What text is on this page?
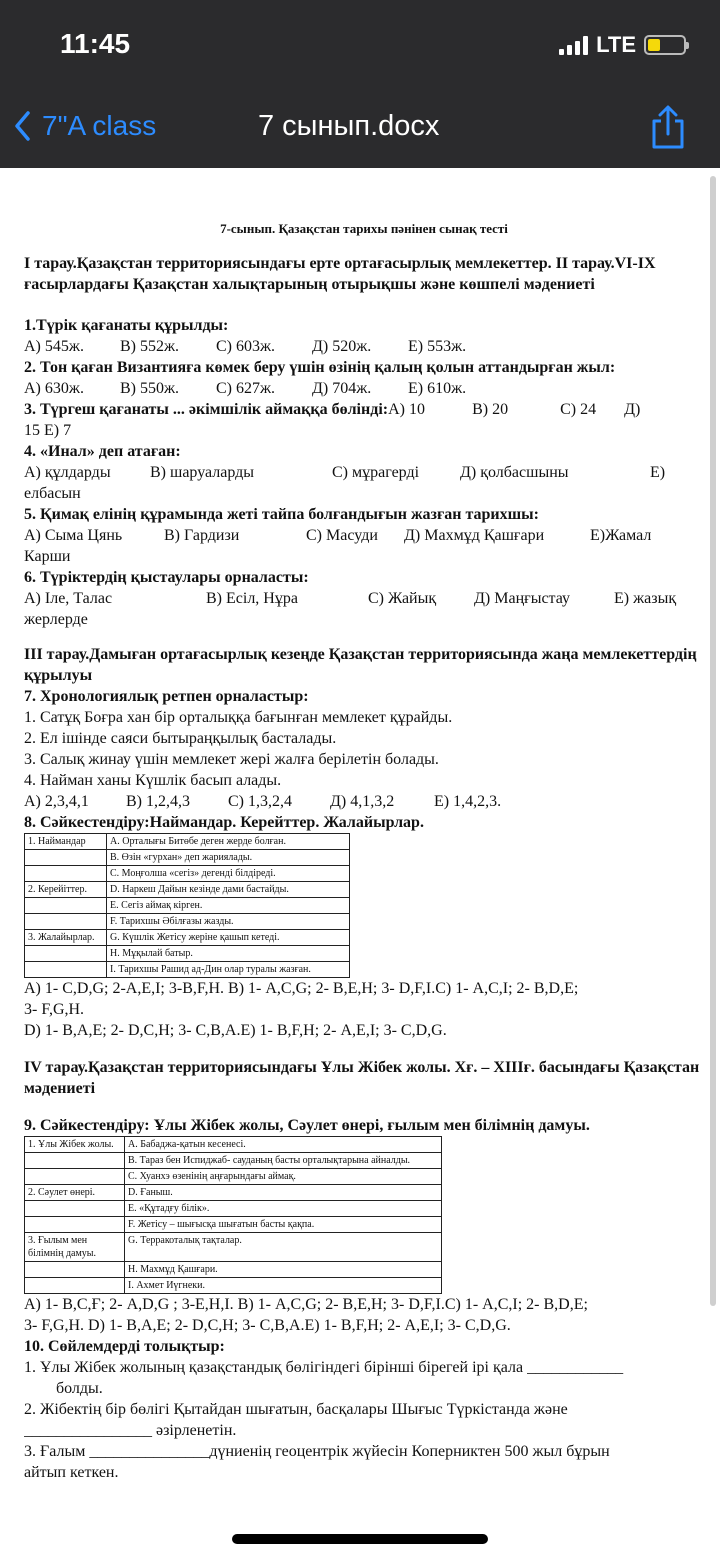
11:45	LTE
7"A class	7 сынып.docx
7-сынып. Қазақстан тарихы пәнінен сынақ тесті
I тарау.Қазақстан территориясындағы ерте ортағасырлық мемлекеттер. II тарау.VI-IX ғасырлардағы Қазақстан халықтарының отырықшы және көшпелі мәдениеті
1.Түрік қағанаты құрылды:
А) 545ж.	В) 552ж.	С) 603ж.	Д) 520ж.	Е) 553ж.
2. Тон қаған Византияға көмек беру үшін өзінің қалың қолын аттандырған жыл:
А) 630ж.	В) 550ж.	С) 627ж.	Д) 704ж.	Е) 610ж.
3. Түргеш қағанаты ... әкімшілік аймаққа бөлінді: А) 10	В) 20	С) 24	Д)
15 Е) 7
4. «Инал» деп атаған:
А) құлдарды	В) шаруаларды	С) мұрагерді	Д) қолбасшыны	Е)
елбасын
5. Қимақ елінің құрамында жеті тайпа болғандығын жазған тарихшы:
А) Сыма Цянь	В) Гардизи	С) Масуди	Д) Махмұд Қашғари	Е)Жамал
Карши
6. Түріктердің қыстаулары орналасты:
А) Іле, Талас	В) Есіл, Нұра	С) Жайық	Д) Маңғыстау	Е) жазық
жерлерде
III тарау.Дамыған ортағасырлық кезеңде Қазақстан территориясында жаңа мемлекеттердің құрылуы
7. Хронологиялық ретпен орналастыр:
1. Сатұқ Боғра хан бір орталыққа бағынған мемлекет құрайды.
2. Ел ішінде саяси бытыраңқылық басталады.
3. Салық жинау үшін мемлекет жері жалға берілетін болады.
4. Найман ханы Күшлік басып алады.
А) 2,3,4,1	В) 1,2,4,3	С) 1,3,2,4	Д) 4,1,3,2	Е) 1,4,2,3.
8. Сәйкестендіру:Наймандар. Керейттер. Жалайырлар.
1. Наймандар	А. Орталығы Битөбе деген жерде болған.
	В. Өзін «гурхан» деп жариялады.
	С. Моңғолша «сегіз» дегенді білдіреді.
2. Керейіттер.	D. Наркеш Дайын кезінде дами бастайды.
	Е. Сегіз аймақ кірген.
	F. Тарихшы Әбілғазы жазды.
3. Жалайырлар.	G. Күшлік Жетісу жеріне қашып кетеді.
	Н. Мұқылай батыр.
	I. Тарихшы Рашид ад-Дин олар туралы жазған.
А) 1- С,D,G; 2-А,Е,I; 3-В,F,Н. В) 1- А,С,G; 2- В,Е,Н; 3- D,F,I.С) 1- А,С,I; 2- В,D,Е;
3- F,G,Н.
D) 1- В,А,Е; 2- D,С,Н; 3- С,В,А.Е) 1- В,F,Н; 2- А,Е,I; 3- С,D,G.
IV тарау.Қазақстан территориясындағы Ұлы Жібек жолы. Хғ. – XIIIғ. басындағы Қазақстан мәдениеті
9. Сәйкестендіру: Ұлы Жібек жолы, Сәулет өнері, ғылым мен білімнің дамуы.
1. Ұлы Жібек жолы.	А. Бабаджа-қатын кесенесі.
	В. Тараз бен Испиджаб- сауданың басты орталықтарына айналды.
	С. Хуанхэ өзенінің аңғарындағы аймақ.
2. Сәулет өнері.	D. Ғаныш.
	Е. «Құтадғу білік».
	F. Жетісу – шығысқа шығатын басты қақпа.
3. Ғылым мен білімнің дамуы.	G. Терракоталық тақталар.
	Н. Махмұд Қашғари.
	I. Ахмет Иүгнеки.
А) 1- В,С,Ғ; 2- А,D,G ; 3-Е,Н,I. В) 1- А,С,G; 2- В,Е,Н; 3- D,F,I.С) 1- А,С,I; 2- В,D,Е;
3- F,G,Н. D) 1- В,А,Е; 2- D,С,Н; 3- С,В,А.Е) 1- В,F,Н; 2- А,Е,I; 3- С,D,G.
10. Сөйлемдерді толықтыр:
1. Ұлы Жібек жолының қазақстандық бөлігіндегі бірінші бірегей ірі қала ____________
болды.
2. Жібектің бір бөлігі Қытайдан шығатын, басқалары Шығыс Түркістанда және
________________ әзірленетін.
3. Ғалым _______________дүниенің геоцентрік жүйесін Коперниктен 500 жыл бұрын
айтып кеткен.
